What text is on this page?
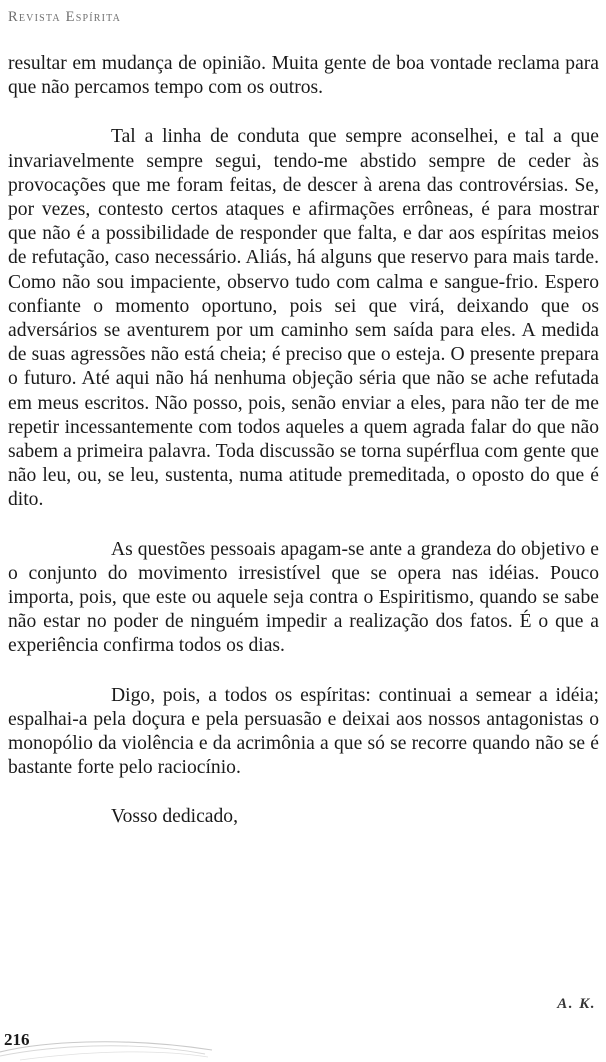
Revista Espírita

resultar em mudança de opinião. Muita gente de boa vontade reclama para que não percamos tempo com os outros.

Tal a linha de conduta que sempre aconselhei, e tal a que invariavelmente sempre segui, tendo-me abstido sempre de ceder às provocações que me foram feitas, de descer à arena das controvérsias. Se, por vezes, contesto certos ataques e afirmações errôneas, é para mostrar que não é a possibilidade de responder que falta, e dar aos espíritas meios de refutação, caso necessário. Aliás, há alguns que reservo para mais tarde. Como não sou impaciente, observo tudo com calma e sangue-frio. Espero confiante o momento oportuno, pois sei que virá, deixando que os adversários se aventurem por um caminho sem saída para eles. A medida de suas agressões não está cheia; é preciso que o esteja. O presente prepara o futuro. Até aqui não há nenhuma objeção séria que não se ache refutada em meus escritos. Não posso, pois, senão enviar a eles, para não ter de me repetir incessantemente com todos aqueles a quem agrada falar do que não sabem a primeira palavra. Toda discussão se torna supérflua com gente que não leu, ou, se leu, sustenta, numa atitude premeditada, o oposto do que é dito.

As questões pessoais apagam-se ante a grandeza do objetivo e o conjunto do movimento irresistível que se opera nas idéias. Pouco importa, pois, que este ou aquele seja contra o Espiritismo, quando se sabe não estar no poder de ninguém impedir a realização dos fatos. É o que a experiência confirma todos os dias.

Digo, pois, a todos os espíritas: continuai a semear a idéia; espalhai-a pela doçura e pela persuasão e deixai aos nossos antagonistas o monopólio da violência e da acrimônia a que só se recorre quando não se é bastante forte pelo raciocínio.

Vosso dedicado,

A. K.
216
